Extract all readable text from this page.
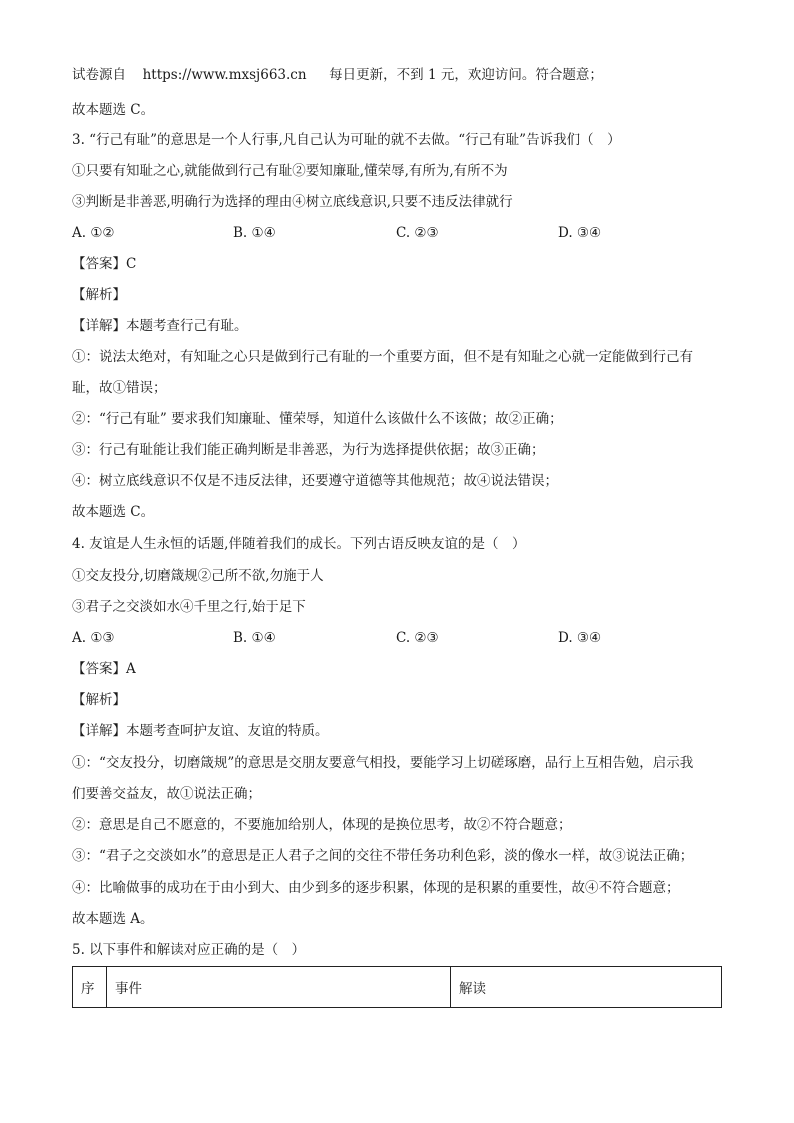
试卷源自 https://www.mxsj663.cn 每日更新，不到 1 元，欢迎访问。符合题意；
故本题选 C。
3. “行己有耻”的意思是一个人行事,凡自己认为可耻的就不去做。“行己有耻”告诉我们（　）
①只要有知耻之心,就能做到行己有耻②要知廉耻,懂荣辱,有所为,有所不为
③判断是非善恶,明确行为选择的理由④树立底线意识,只要不违反法律就行
A. ①②	B. ①④	C. ②③	D. ③④
【答案】C
【解析】
【详解】本题考查行己有耻。
①：说法太绝对，有知耻之心只是做到行己有耻的一个重要方面，但不是有知耻之心就一定能做到行己有
耻，故①错误；
②：“行己有耻” 要求我们知廉耻、懂荣辱，知道什么该做什么不该做；故②正确；
③：行己有耻能让我们能正确判断是非善恶，为行为选择提供依据；故③正确；
④：树立底线意识不仅是不违反法律，还要遵守道德等其他规范；故④说法错误；
故本题选 C。
4. 友谊是人生永恒的话题,伴随着我们的成长。下列古语反映友谊的是（　）
①交友投分,切磨箴规②己所不欲,勿施于人
③君子之交淡如水④千里之行,始于足下
A. ①③	B. ①④	C. ②③	D. ③④
【答案】A
【解析】
【详解】本题考查呵护友谊、友谊的特质。
①：“交友投分，切磨箴规”的意思是交朋友要意气相投，要能学习上切磋琢磨，品行上互相告勉，启示我
们要善交益友，故①说法正确；
②：意思是自己不愿意的，不要施加给别人，体现的是换位思考，故②不符合题意；
③：“君子之交淡如水”的意思是正人君子之间的交往不带任务功利色彩，淡的像水一样，故③说法正确；
④：比喻做事的成功在于由小到大、由少到多的逐步积累，体现的是积累的重要性，故④不符合题意；
故本题选 A。
5. 以下事件和解读对应正确的是（　）
序	事件	解读
